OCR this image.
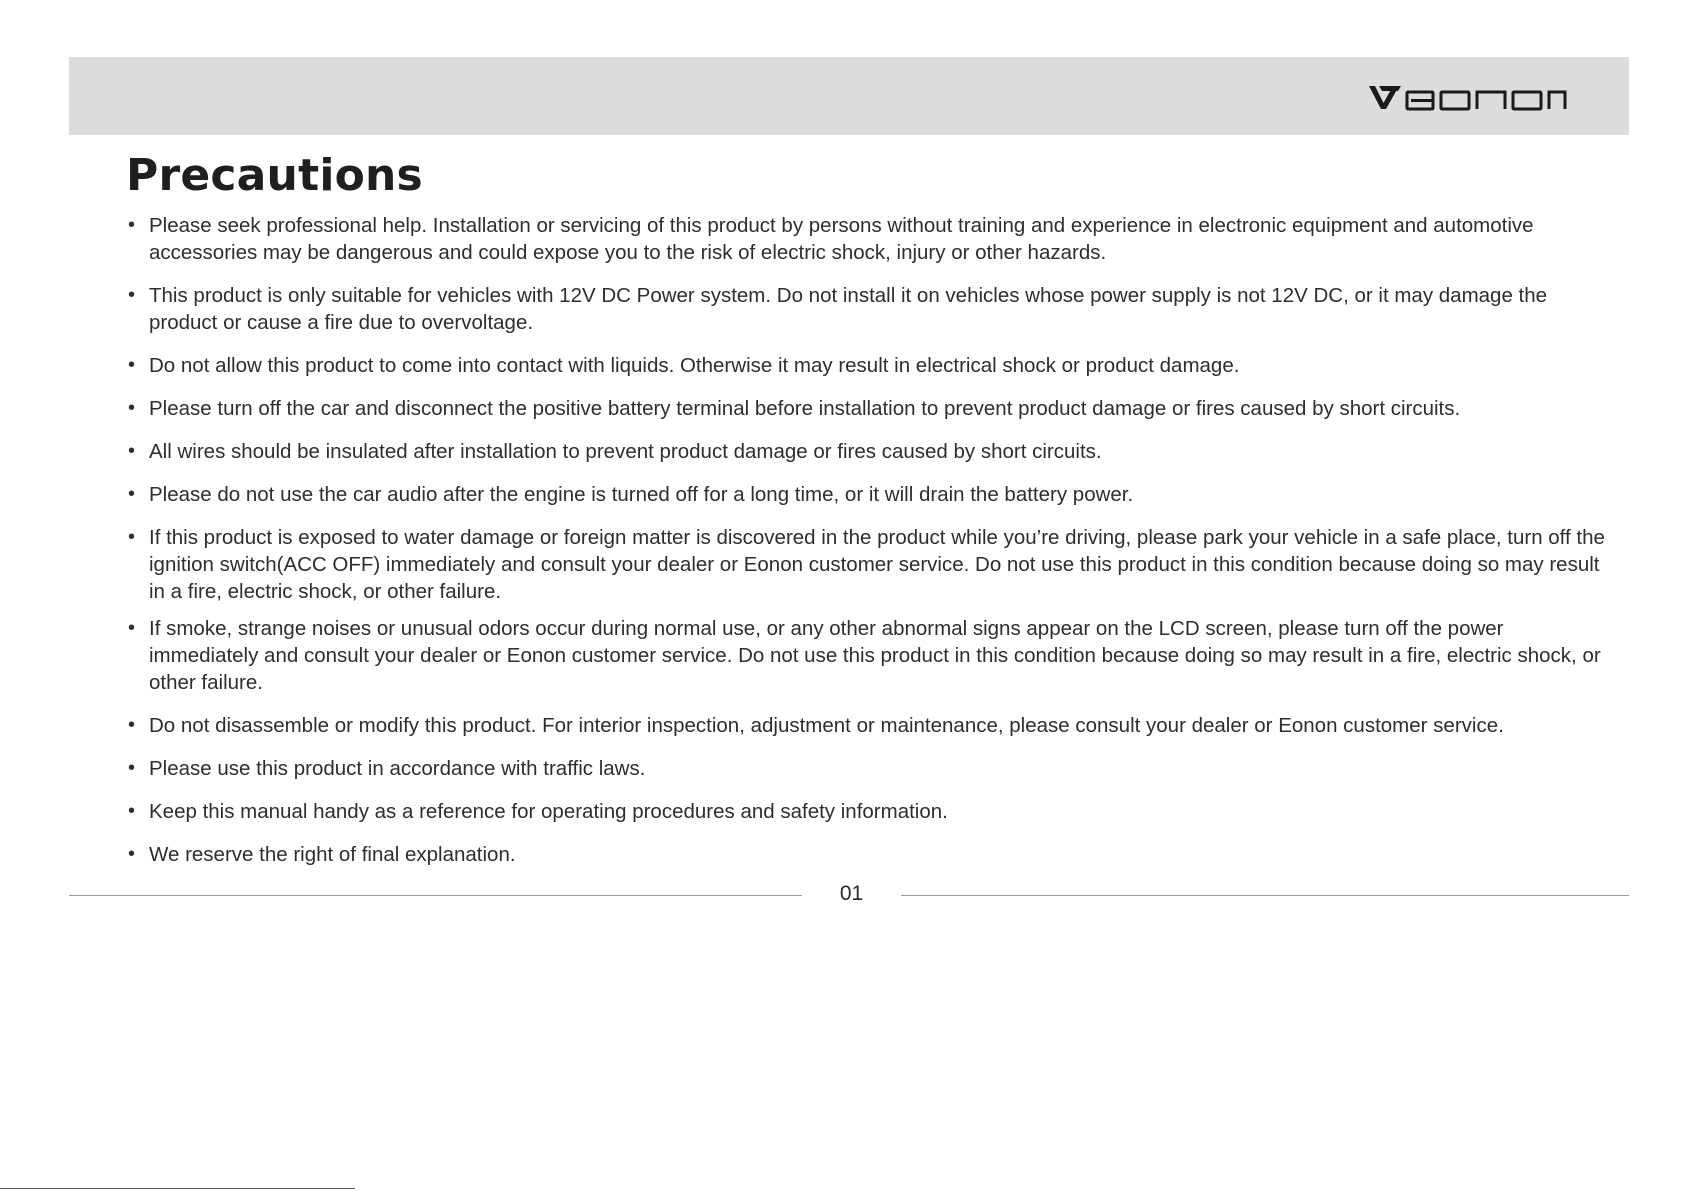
Precautions
• Please seek professional help. Installation or servicing of this product by persons without training and experience in electronic equipment and automotive accessories may be dangerous and could expose you to the risk of electric shock, injury or other hazards.
• This product is only suitable for vehicles with 12V DC Power system. Do not install it on vehicles whose power supply is not 12V DC, or it may damage the product or cause a fire due to overvoltage.
• Do not allow this product to come into contact with liquids. Otherwise it may result in electrical shock or product damage.
• Please turn off the car and disconnect the positive battery terminal before installation to prevent product damage or fires caused by short circuits.
• All wires should be insulated after installation to prevent product damage or fires caused by short circuits.
• Please do not use the car audio after the engine is turned off for a long time, or it will drain the battery power.
• If this product is exposed to water damage or foreign matter is discovered in the product while you’re driving, please park your vehicle in a safe place, turn off the ignition switch(ACC OFF) immediately and consult your dealer or Eonon customer service. Do not use this product in this condition because doing so may result in a fire, electric shock, or other failure.
• If smoke, strange noises or unusual odors occur during normal use, or any other abnormal signs appear on the LCD screen, please turn off the power immediately and consult your dealer or Eonon customer service. Do not use this product in this condition because doing so may result in a fire, electric shock, or other failure.
• Do not disassemble or modify this product. For interior inspection, adjustment or maintenance, please consult your dealer or Eonon customer service.
• Please use this product in accordance with traffic laws.
• Keep this manual handy as a reference for operating procedures and safety information.
• We reserve the right of final explanation.
01
